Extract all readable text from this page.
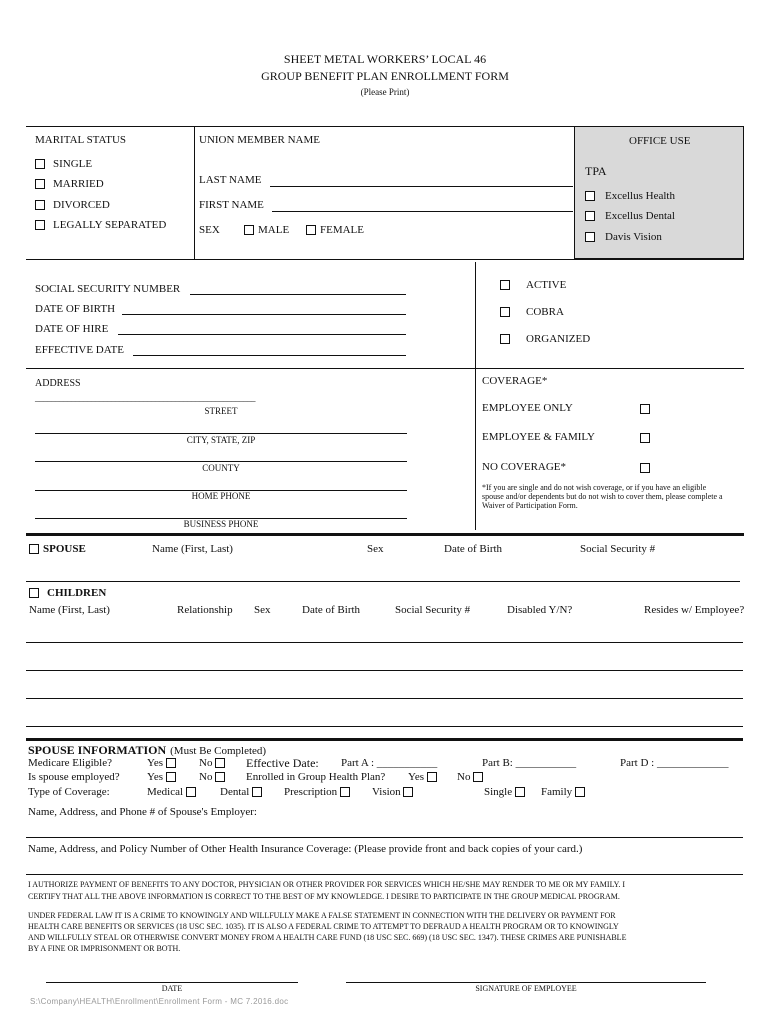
SHEET METAL WORKERS’ LOCAL 46
GROUP BENEFIT PLAN ENROLLMENT FORM
(Please Print)
OFFICE USE
TPA
Excellus Health
Excellus Dental
Davis Vision
MARITAL STATUS
SINGLE
MARRIED
DIVORCED
LEGALLY SEPARATED
UNION MEMBER NAME
LAST NAME
FIRST NAME
SEX	MALE	FEMALE
SOCIAL SECURITY NUMBER
DATE OF BIRTH
DATE OF HIRE
EFFECTIVE DATE
ACTIVE
COBRA
ORGANIZED
ADDRESS
_______________________________________________________
STREET
CITY, STATE, ZIP
COUNTY
HOME PHONE
BUSINESS PHONE
COVERAGE*
EMPLOYEE ONLY
EMPLOYEE & FAMILY
NO COVERAGE*
*If you are single and do not wish coverage, or if you have an eligible
spouse and/or dependents but do not wish to cover them, please complete a
Waiver of Participation Form.
SPOUSE	Name (First, Last)	Sex	Date of Birth	Social Security #
CHILDREN
Name (First, Last)	Relationship Sex	Date of Birth	Social Security #	Disabled Y/N?	Resides w/ Employee?
SPOUSE INFORMATION (Must Be Completed)
Medicare Eligible?	Yes	No	Effective Date: Part A : ___________	Part B: ___________	Part D : _____________
Is spouse employed? Yes	No	Enrolled in Group Health Plan? Yes	No
Type of Coverage:	Medical	Dental	Prescription	Vision	Single	Family
Name, Address, and Phone # of Spouse's Employer:
Name, Address, and Policy Number of Other Health Insurance Coverage: (Please provide front and back copies of your card.)
I AUTHORIZE PAYMENT OF BENEFITS TO ANY DOCTOR, PHYSICIAN OR OTHER PROVIDER FOR SERVICES WHICH HE/SHE MAY RENDER TO ME OR MY FAMILY. I
CERTIFY THAT ALL THE ABOVE INFORMATION IS CORRECT TO THE BEST OF MY KNOWLEDGE. I DESIRE TO PARTICIPATE IN THE GROUP MEDICAL PROGRAM.
UNDER FEDERAL LAW IT IS A CRIME TO KNOWINGLY AND WILLFULLY MAKE A FALSE STATEMENT IN CONNECTION WITH THE DELIVERY OR PAYMENT FOR
HEALTH CARE BENEFITS OR SERVICES (18 USC SEC. 1035). IT IS ALSO A FEDERAL CRIME TO ATTEMPT TO DEFRAUD A HEALTH PROGRAM OR TO KNOWINGLY
AND WILLFULLY STEAL OR OTHERWISE CONVERT MONEY FROM A HEALTH CARE FUND (18 USC SEC. 669) (18 USC SEC. 1347). THESE CRIMES ARE PUNISHABLE
BY A FINE OR IMPRISONMENT OR BOTH.
DATE	SIGNATURE OF EMPLOYEE
S:\Company\HEALTH\Enrollment\Enrollment Form - MC 7.2016.doc
